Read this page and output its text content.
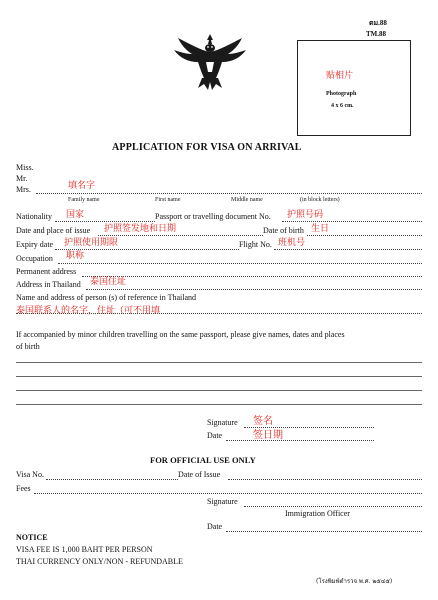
ตม.88
TM.88
贴相片
Photograph
4 x 6 cm.
APPLICATION FOR VISA ON ARRIVAL
Miss.
Mr.
Mrs.	填名字
Family name	First name	Middle name	(in block letters)
Nationality 国家	Passport or travelling document No. 护照号码
Date and place of issue 护照签发地和日期	Date of birth 生日
Expiry date 护照使用期限	Flight No. 班机号
Occupation 职称
Permanent address
Address in Thailand 泰国住址
Name and address of person (s) of reference in Thailand
泰国联系人的名字，住址（可不用填
If accompanied by minor children travelling on the same passport, please give names, dates and places
of birth
Signature 签名
Date	签日期
FOR OFFICIAL USE ONLY
Visa No.	Date of Issue
Fees
Signature
Immigration Officer
Date
NOTICE
VISA FEE IS 1,000 BAHT PER PERSON
THAI CURRENCY ONLY/NON - REFUNDABLE
(โรงพิมพ์ตำรวจ พ.ศ. ๒๕๔๕)
